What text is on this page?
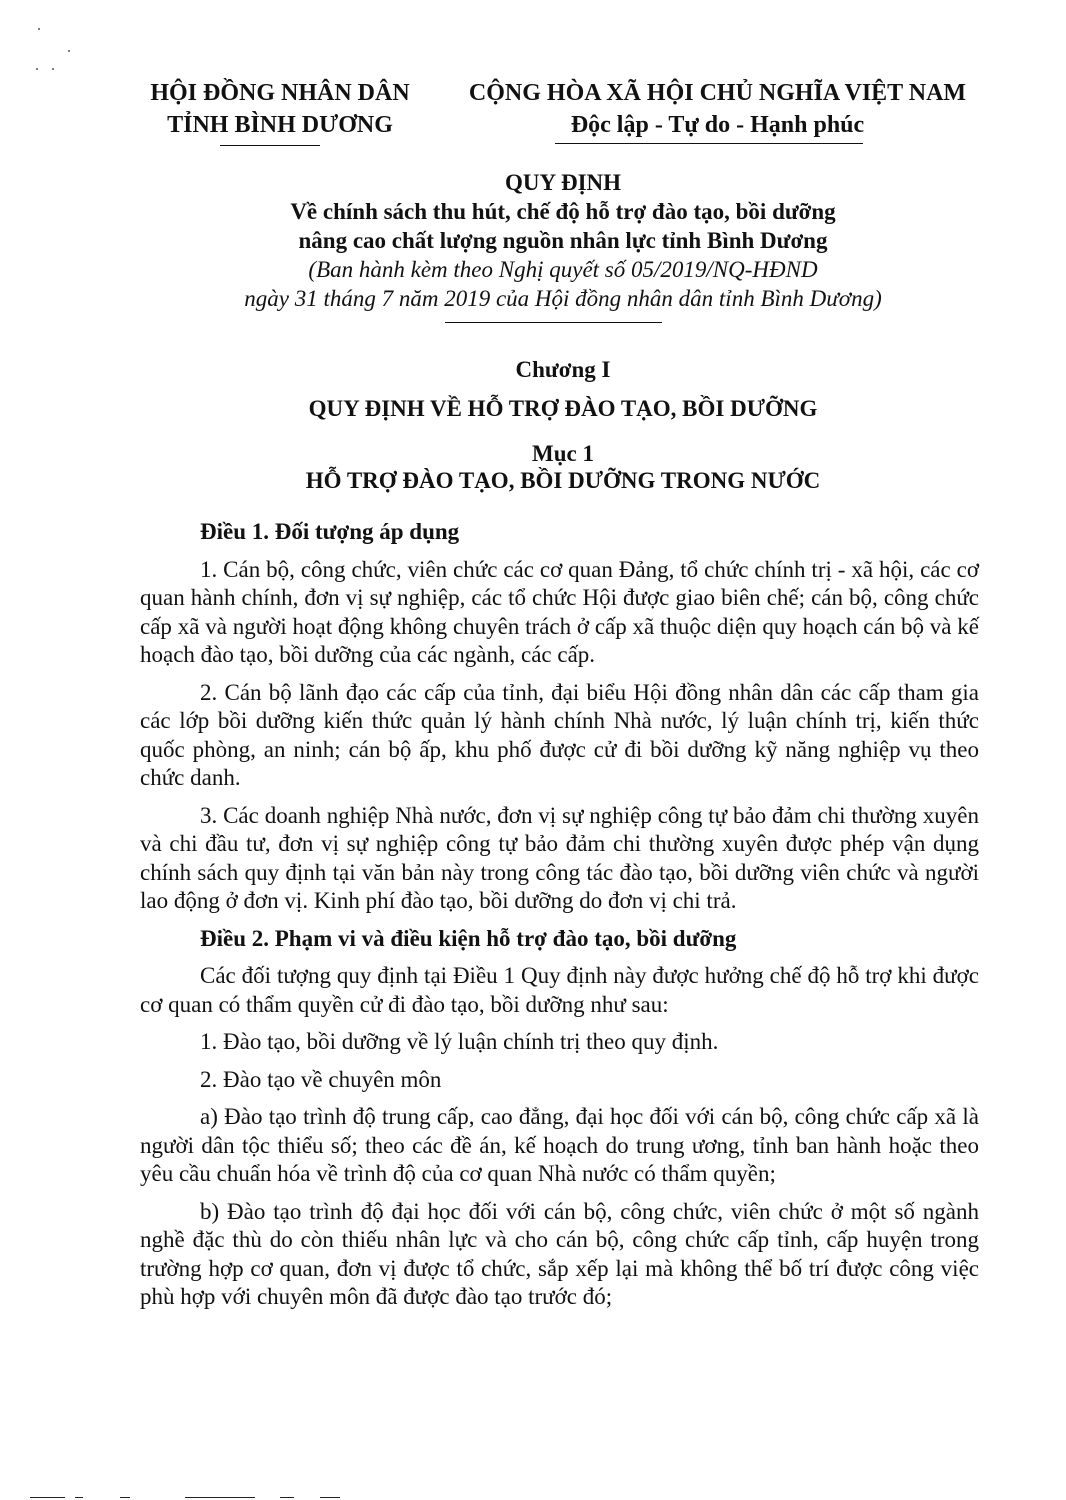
HỘI ĐỒNG NHÂN DÂN
TỈNH BÌNH DƯƠNG
CỘNG HÒA XÃ HỘI CHỦ NGHĨA VIỆT NAM
Độc lập - Tự do - Hạnh phúc
QUY ĐỊNH
Về chính sách thu hút, chế độ hỗ trợ đào tạo, bồi dưỡng
nâng cao chất lượng nguồn nhân lực tỉnh Bình Dương
(Ban hành kèm theo Nghị quyết số 05/2019/NQ-HĐND
ngày 31 tháng 7 năm 2019 của Hội đồng nhân dân tỉnh Bình Dương)
Chương I
QUY ĐỊNH VỀ HỖ TRỢ ĐÀO TẠO, BỒI DƯỠNG
Mục 1
HỖ TRỢ ĐÀO TẠO, BỒI DƯỠNG TRONG NƯỚC

Điều 1. Đối tượng áp dụng

1. Cán bộ, công chức, viên chức các cơ quan Đảng, tổ chức chính trị - xã hội, các cơ quan hành chính, đơn vị sự nghiệp, các tổ chức Hội được giao biên chế; cán bộ, công chức cấp xã và người hoạt động không chuyên trách ở cấp xã thuộc diện quy hoạch cán bộ và kế hoạch đào tạo, bồi dưỡng của các ngành, các cấp.

2. Cán bộ lãnh đạo các cấp của tỉnh, đại biểu Hội đồng nhân dân các cấp tham gia các lớp bồi dưỡng kiến thức quản lý hành chính Nhà nước, lý luận chính trị, kiến thức quốc phòng, an ninh; cán bộ ấp, khu phố được cử đi bồi dưỡng kỹ năng nghiệp vụ theo chức danh.

3. Các doanh nghiệp Nhà nước, đơn vị sự nghiệp công tự bảo đảm chi thường xuyên và chi đầu tư, đơn vị sự nghiệp công tự bảo đảm chi thường xuyên được phép vận dụng chính sách quy định tại văn bản này trong công tác đào tạo, bồi dưỡng viên chức và người lao động ở đơn vị. Kinh phí đào tạo, bồi dưỡng do đơn vị chi trả.

Điều 2. Phạm vi và điều kiện hỗ trợ đào tạo, bồi dưỡng

Các đối tượng quy định tại Điều 1 Quy định này được hưởng chế độ hỗ trợ khi được cơ quan có thẩm quyền cử đi đào tạo, bồi dưỡng như sau:

1. Đào tạo, bồi dưỡng về lý luận chính trị theo quy định.

2. Đào tạo về chuyên môn

a) Đào tạo trình độ trung cấp, cao đẳng, đại học đối với cán bộ, công chức cấp xã là người dân tộc thiểu số; theo các đề án, kế hoạch do trung ương, tỉnh ban hành hoặc theo yêu cầu chuẩn hóa về trình độ của cơ quan Nhà nước có thẩm quyền;

b) Đào tạo trình độ đại học đối với cán bộ, công chức, viên chức ở một số ngành nghề đặc thù do còn thiếu nhân lực và cho cán bộ, công chức cấp tỉnh, cấp huyện trong trường hợp cơ quan, đơn vị được tổ chức, sắp xếp lại mà không thể bố trí được công việc phù hợp với chuyên môn đã được đào tạo trước đó;
